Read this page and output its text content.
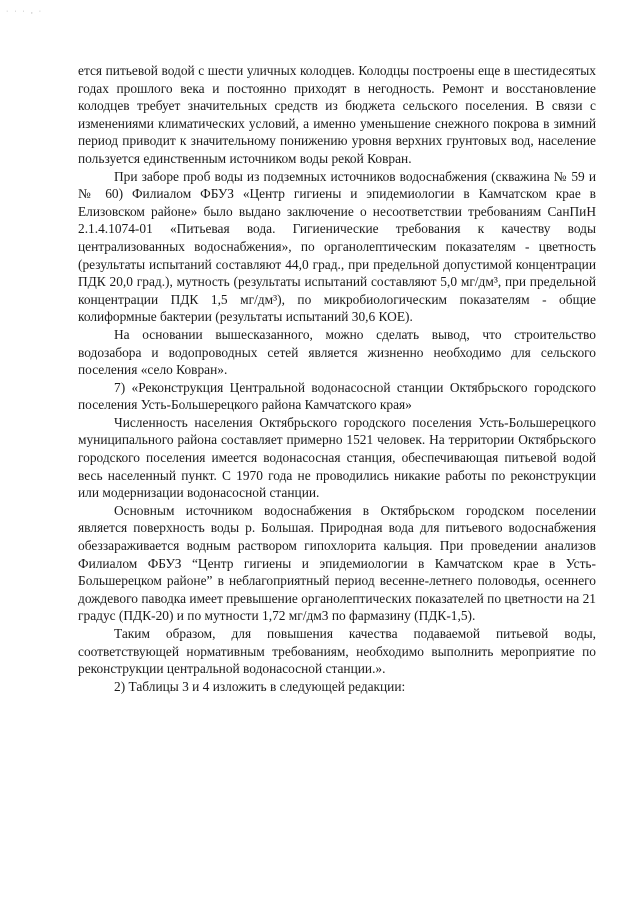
· · · , ·

ется питьевой водой с шести уличных колодцев. Колодцы построены еще в шестидесятых годах прошлого века и постоянно приходят в негодность. Ремонт и восстановление колодцев требует значительных средств из бюджета сельского поселения. В связи с изменениями климатических условий, а именно уменьшение снежного покрова в зимний период приводит к значительному понижению уровня верхних грунтовых вод, население пользуется единственным источником воды рекой Ковран.

При заборе проб воды из подземных источников водоснабжения (скважина № 59 и № 60) Филиалом ФБУЗ «Центр гигиены и эпидемиологии в Камчатском крае в Елизовском районе» было выдано заключение о несоответствии требованиям СанПиН 2.1.4.1074-01 «Питьевая вода. Гигиенические требования к качеству воды централизованных водоснабжения», по органолептическим показателям - цветность (результаты испытаний составляют 44,0 град., при предельной допустимой концентрации ПДК 20,0 град.), мутность (результаты испытаний составляют 5,0 мг/дм³, при предельной концентрации ПДК 1,5 мг/дм³), по микробиологическим показателям - общие колиформные бактерии (результаты испытаний 30,6 КОЕ).

На основании вышесказанного, можно сделать вывод, что строительство водозабора и водопроводных сетей является жизненно необходимо для сельского поселения «село Ковран».

7) «Реконструкция Центральной водонасосной станции Октябрьского городского поселения Усть-Большерецкого района Камчатского края»

Численность населения Октябрьского городского поселения Усть-Большерецкого муниципального района составляет примерно 1521 человек. На территории Октябрьского городского поселения имеется водонасосная станция, обеспечивающая питьевой водой весь населенный пункт. С 1970 года не проводились никакие работы по реконструкции или модернизации водонасосной станции.

Основным источником водоснабжения в Октябрьском городском поселении является поверхность воды р. Большая. Природная вода для питьевого водоснабжения обеззараживается водным раствором гипохлорита кальция. При проведении анализов Филиалом ФБУЗ “Центр гигиены и эпидемиологии в Камчатском крае в Усть-Большерецком районе” в неблагоприятный период весенне-летнего половодья, осеннего дождевого паводка имеет превышение органолептических показателей по цветности на 21 градус (ПДК-20) и по мутности 1,72 мг/дм3 по фармазину (ПДК-1,5).

Таким образом, для повышения качества подаваемой питьевой воды, соответствующей нормативным требованиям, необходимо выполнить мероприятие по реконструкции центральной водонасосной станции.».

2) Таблицы 3 и 4 изложить в следующей редакции:
